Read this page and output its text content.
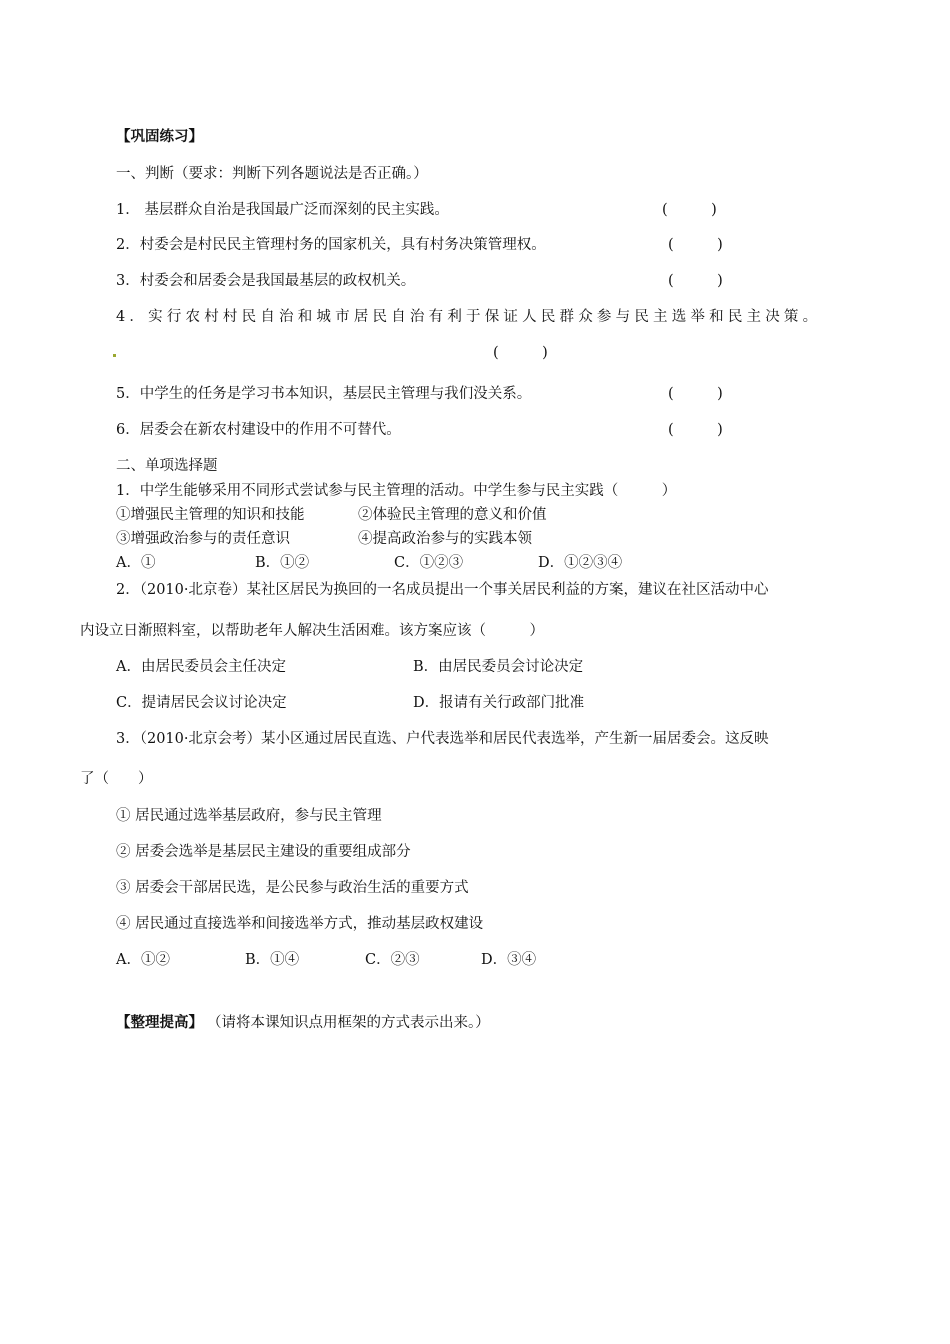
【巩固练习】
一、判断（要求：判断下列各题说法是否正确。）
1． 基层群众自治是我国最广泛而深刻的民主实践。	(　　　)
2．村委会是村民民主管理村务的国家机关，具有村务决策管理权。	(　　　)
3．村委会和居委会是我国最基层的政权机关。	(　　　)
4．实行农村村民自治和城市居民自治有利于保证人民群众参与民主选举和民主决策。
(　　　)
5．中学生的任务是学习书本知识，基层民主管理与我们没关系。	(　　　)
6．居委会在新农村建设中的作用不可替代。	(　　　)
二、单项选择题
1．中学生能够采用不同形式尝试参与民主管理的活动。中学生参与民主实践（　　　）
①增强民主管理的知识和技能	②体验民主管理的意义和价值
③增强政治参与的责任意识	④提高政治参与的实践本领
A．①	B．①②	C．①②③	D．①②③④
2．（2010·北京卷）某社区居民为换回的一名成员提出一个事关居民利益的方案，建议在社区活动中心
内设立日渐照料室，以帮助老年人解决生活困难。该方案应该（　　　）
A．由居民委员会主任决定	B．由居民委员会讨论决定
C．提请居民会议讨论决定	D．报请有关行政部门批准
3．（2010·北京会考）某小区通过居民直选、户代表选举和居民代表选举，产生新一届居委会。这反映
了（　　）
① 居民通过选举基层政府，参与民主管理
② 居委会选举是基层民主建设的重要组成部分
③ 居委会干部居民选，是公民参与政治生活的重要方式
④ 居民通过直接选举和间接选举方式，推动基层政权建设
A．①②	B．①④	C．②③	D．③④
【整理提高】 （请将本课知识点用框架的方式表示出来。）
